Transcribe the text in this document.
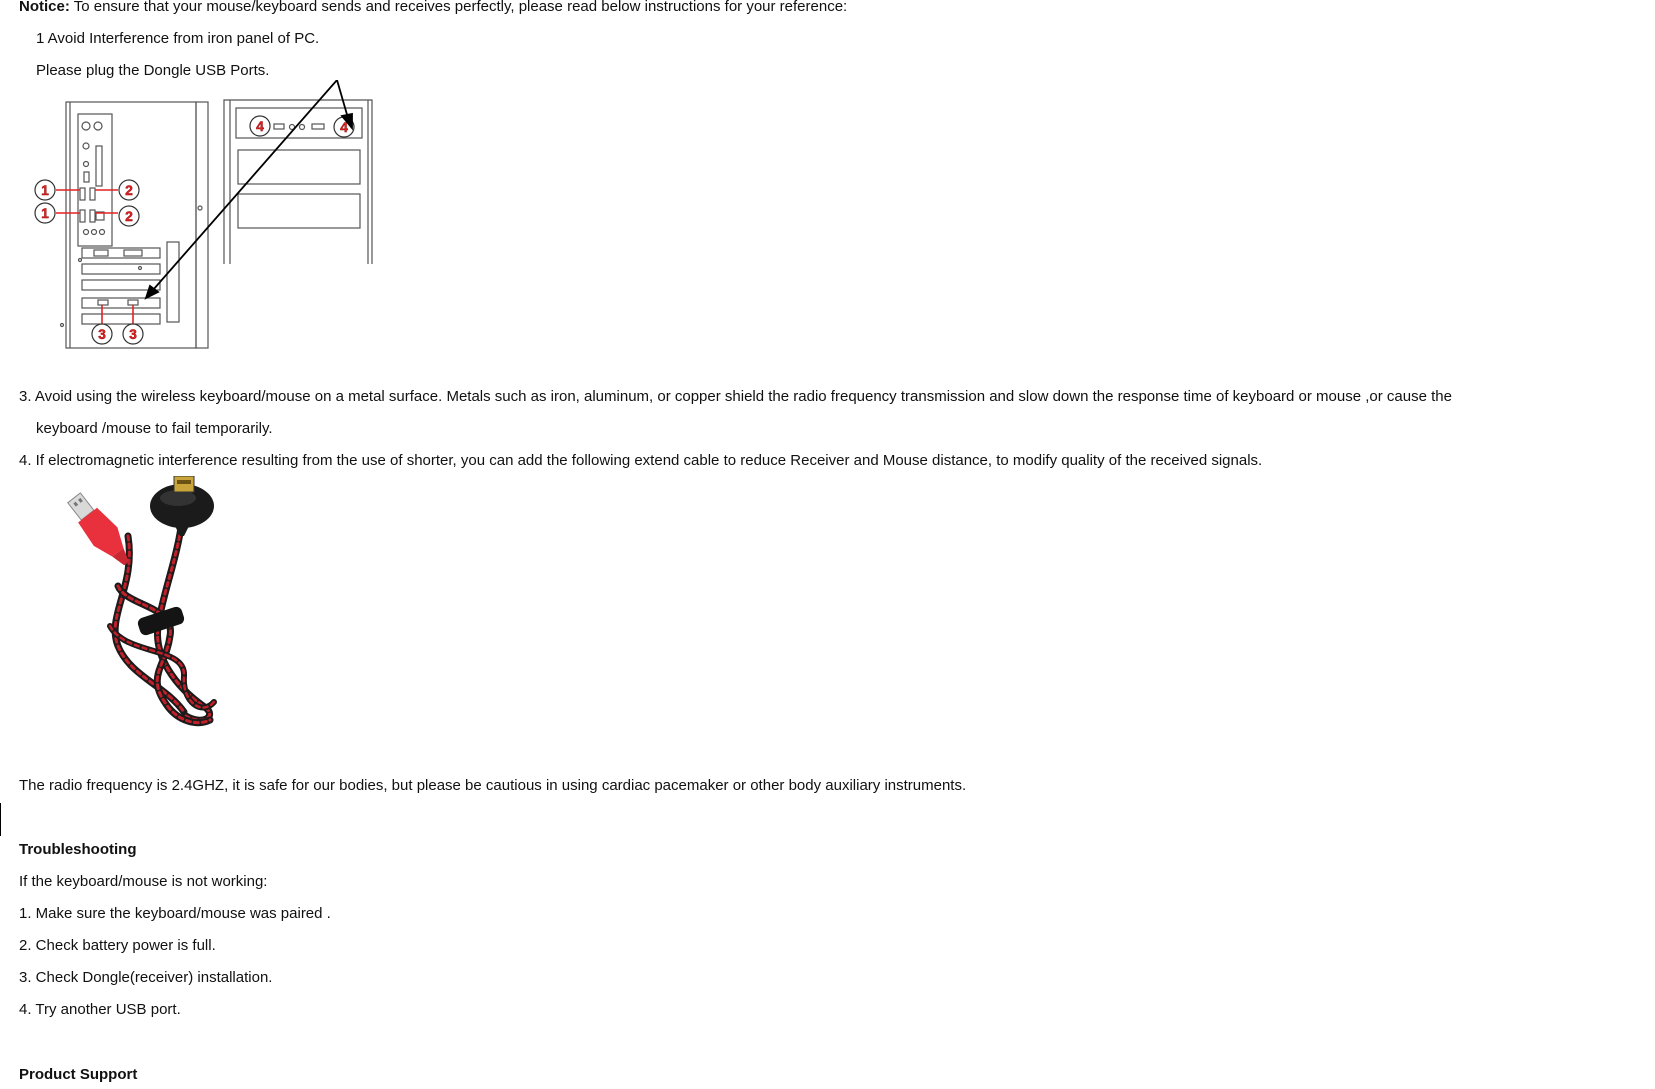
Notice: To ensure that your mouse/keyboard sends and receives perfectly, please read below instructions for your reference:
1 Avoid Interference from iron panel of PC.
Please plug the Dongle USB Ports.
1
1
2
2
3 3
4	4
3. Avoid using the wireless keyboard/mouse on a metal surface. Metals such as iron, aluminum, or copper shield the radio frequency transmission and slow down the response time of keyboard or mouse ,or cause the
keyboard /mouse to fail temporarily.
4. If electromagnetic interference resulting from the use of shorter, you can add the following extend cable to reduce Receiver and Mouse distance, to modify quality of the received signals.
The radio frequency is 2.4GHZ, it is safe for our bodies, but please be cautious in using cardiac pacemaker or other body auxiliary instruments.
Troubleshooting
If the keyboard/mouse is not working:
1. Make sure the keyboard/mouse was paired .
2. Check battery power is full.
3. Check Dongle(receiver) installation.
4. Try another USB port.
Product Support
